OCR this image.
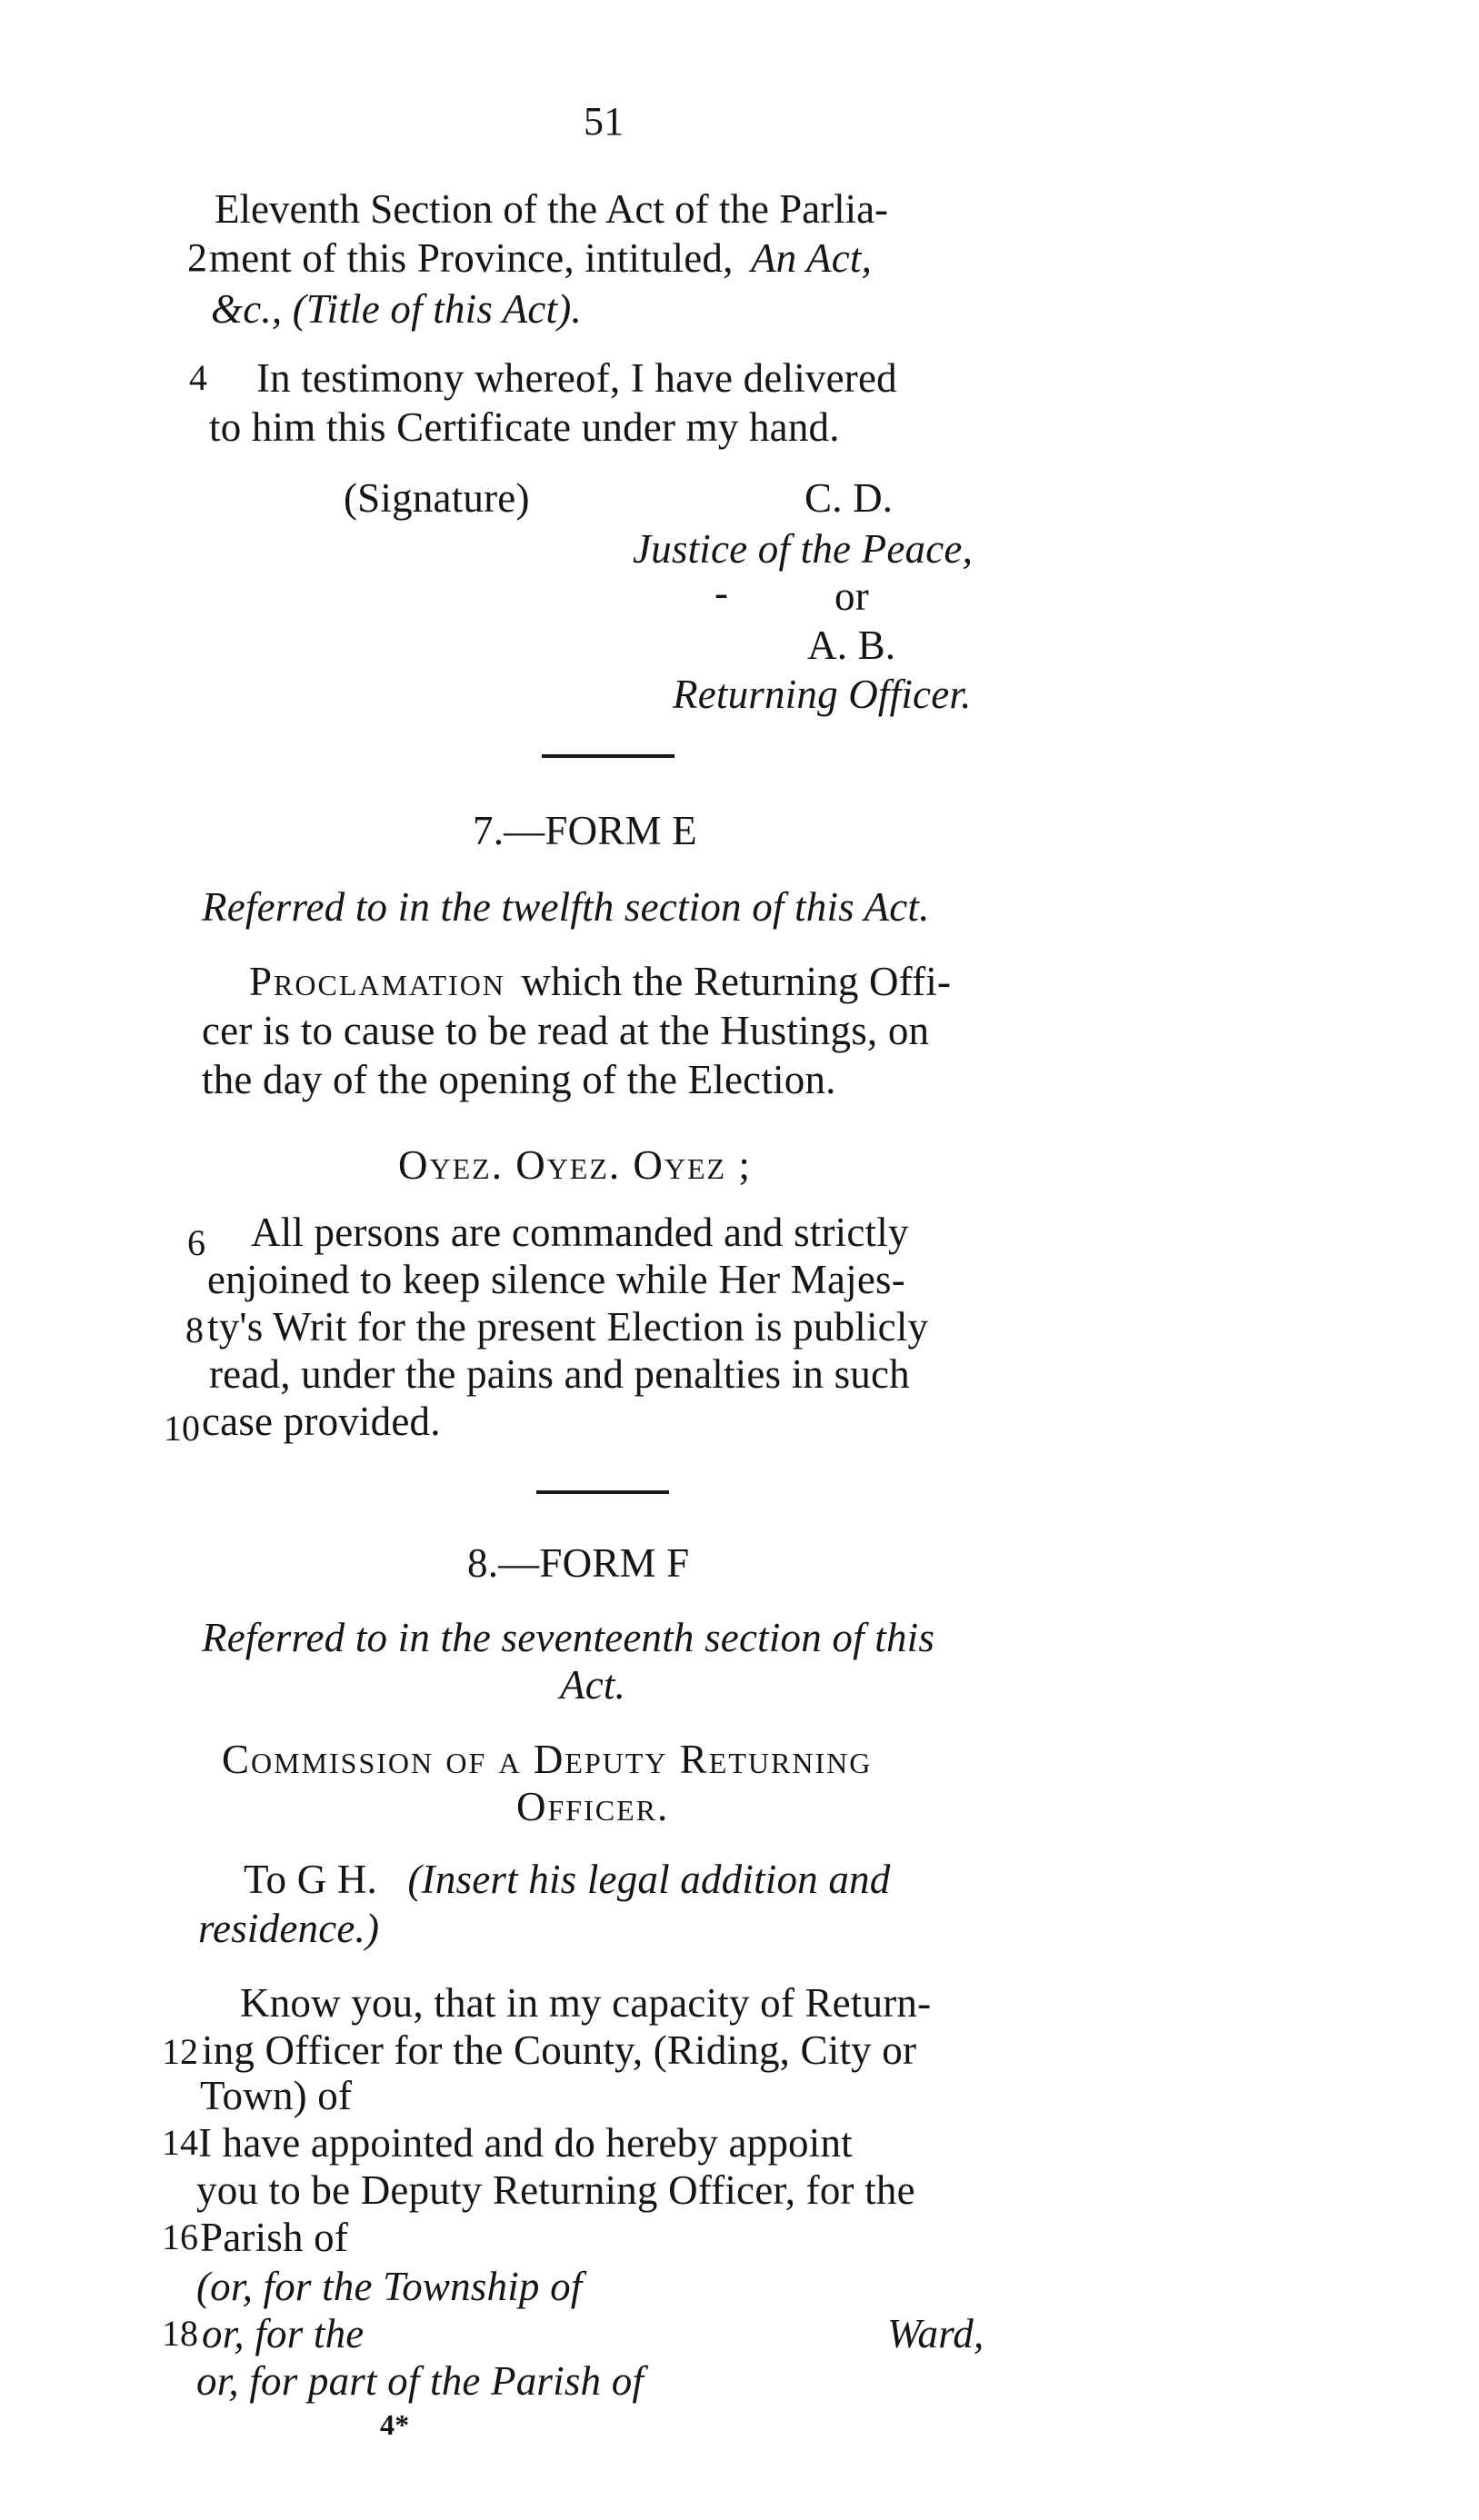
51
Eleventh Section of the Act of the Parlia-
2 ment of this Province, intituled, An Act,
&c., (Title of this Act).
4 In testimony whereof, I have delivered
to him this Certificate under my hand.
(Signature)	C. D.
Justice of the Peace,
-	or
A. B.
Returning Officer.
7.—FORM E
Referred to in the twelfth section of this Act.
Proclamation which the Returning Offi-
cer is to cause to be read at the Hustings, on
the day of the opening of the Election.
Oyez. Oyez. Oyez ;
6 All persons are commanded and strictly
enjoined to keep silence while Her Majes-
8 ty's Writ for the present Election is publicly
read, under the pains and penalties in such
10 case provided.
8.—FORM F
Referred to in the seventeenth section of this
Act.
Commission of a Deputy Returning
Officer.
To G H. (Insert his legal addition and
residence.)
Know you, that in my capacity of Return-
12 ing Officer for the County, (Riding, City or
Town) of
14 I have appointed and do hereby appoint
you to be Deputy Returning Officer, for the
16 Parish of
(or, for the Township of
18 or, for the	Ward,
or, for part of the Parish of
4*
